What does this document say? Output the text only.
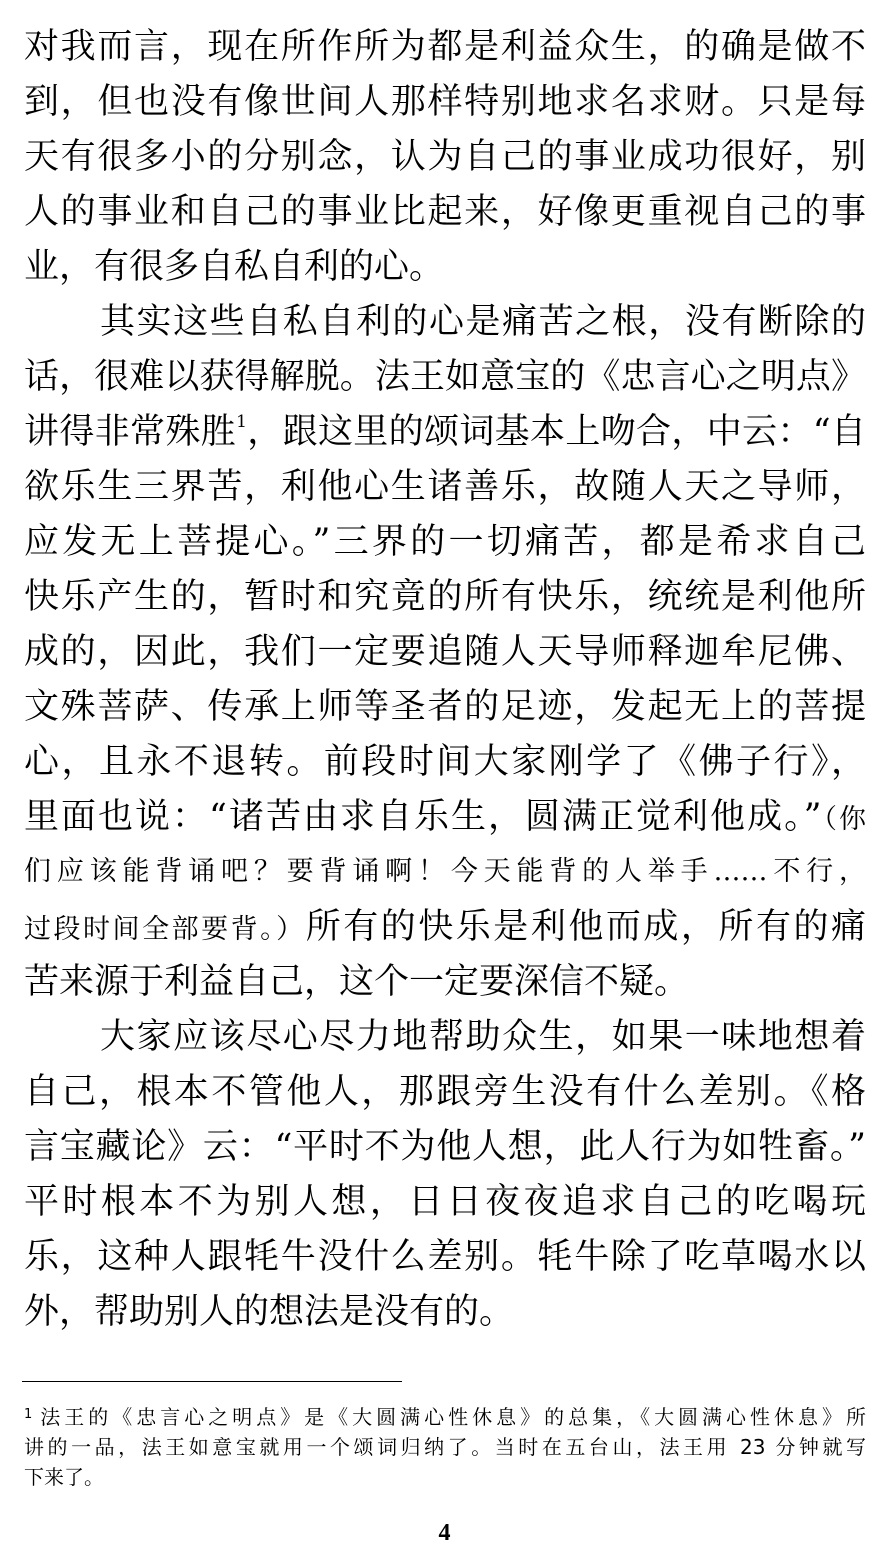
对我而言，现在所作所为都是利益众生，的确是做不
到，但也没有像世间人那样特别地求名求财。只是每
天有很多小的分别念，认为自己的事业成功很好，别
人的事业和自己的事业比起来，好像更重视自己的事
业，有很多自私自利的心。
其实这些自私自利的心是痛苦之根，没有断除的
话，很难以获得解脱。法王如意宝的《忠言心之明点》
讲得非常殊胜$^1$，跟这里的颂词基本上吻合，中云：“自
欲乐生三界苦，利他心生诸善乐，故随人天之导师，
应发无上菩提心。”三界的一切痛苦，都是希求自己
快乐产生的，暂时和究竟的所有快乐，统统是利他所
成的，因此，我们一定要追随人天导师释迦牟尼佛、
文殊菩萨、传承上师等圣者的足迹，发起无上的菩提
心，且永不退转。前段时间大家刚学了《佛子行》，
里面也说：“诸苦由求自乐生，圆满正觉利他成。”（你
们应该能背诵吧？要背诵啊！今天能背的人举手……不行，
过段时间全部要背。）所有的快乐是利他而成，所有的痛
苦来源于利益自己，这个一定要深信不疑。
大家应该尽心尽力地帮助众生，如果一味地想着
自己，根本不管他人，那跟旁生没有什么差别。《格
言宝藏论》云：“平时不为他人想，此人行为如牲畜。”
平时根本不为别人想，日日夜夜追求自己的吃喝玩
乐，这种人跟牦牛没什么差别。牦牛除了吃草喝水以
外，帮助别人的想法是没有的。
$^1$ 法王的《忠言心之明点》是《大圆满心性休息》的总集，《大圆满心性休息》所
讲的一品，法王如意宝就用一个颂词归纳了。当时在五台山，法王用 23 分钟就写
下来了。
4
